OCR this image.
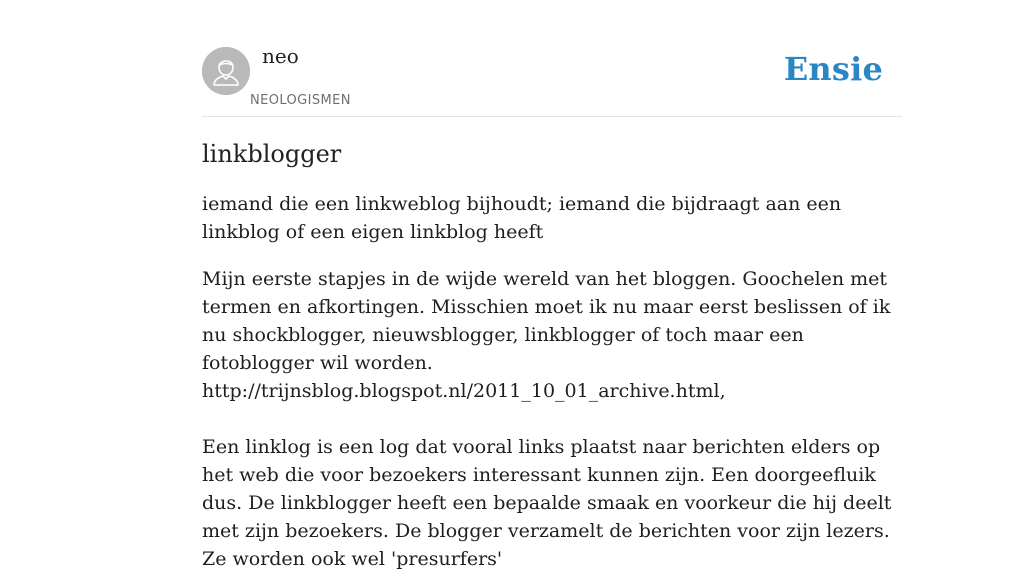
neo
NEOLOGISMEN
Ensie
linkblogger

iemand die een linkweblog bijhoudt; iemand die bijdraagt aan een linkblog of een eigen linkblog heeft

Mijn eerste stapjes in de wijde wereld van het bloggen. Goochelen met termen en afkortingen. Misschien moet ik nu maar eerst beslissen of ik nu shockblogger, nieuwsblogger, linkblogger of toch maar een fotoblogger wil worden. http://trijnsblog.blogspot.nl/2011_10_01_archive.html,

Een linklog is een log dat vooral links plaatst naar berichten elders op het web die voor bezoekers interessant kunnen zijn. Een doorgeefluik dus. De linkblogger heeft een bepaalde smaak en voorkeur die hij deelt met zijn bezoekers. De blogger verzamelt de berichten voor zijn lezers. Ze worden ook wel 'presurfers'
